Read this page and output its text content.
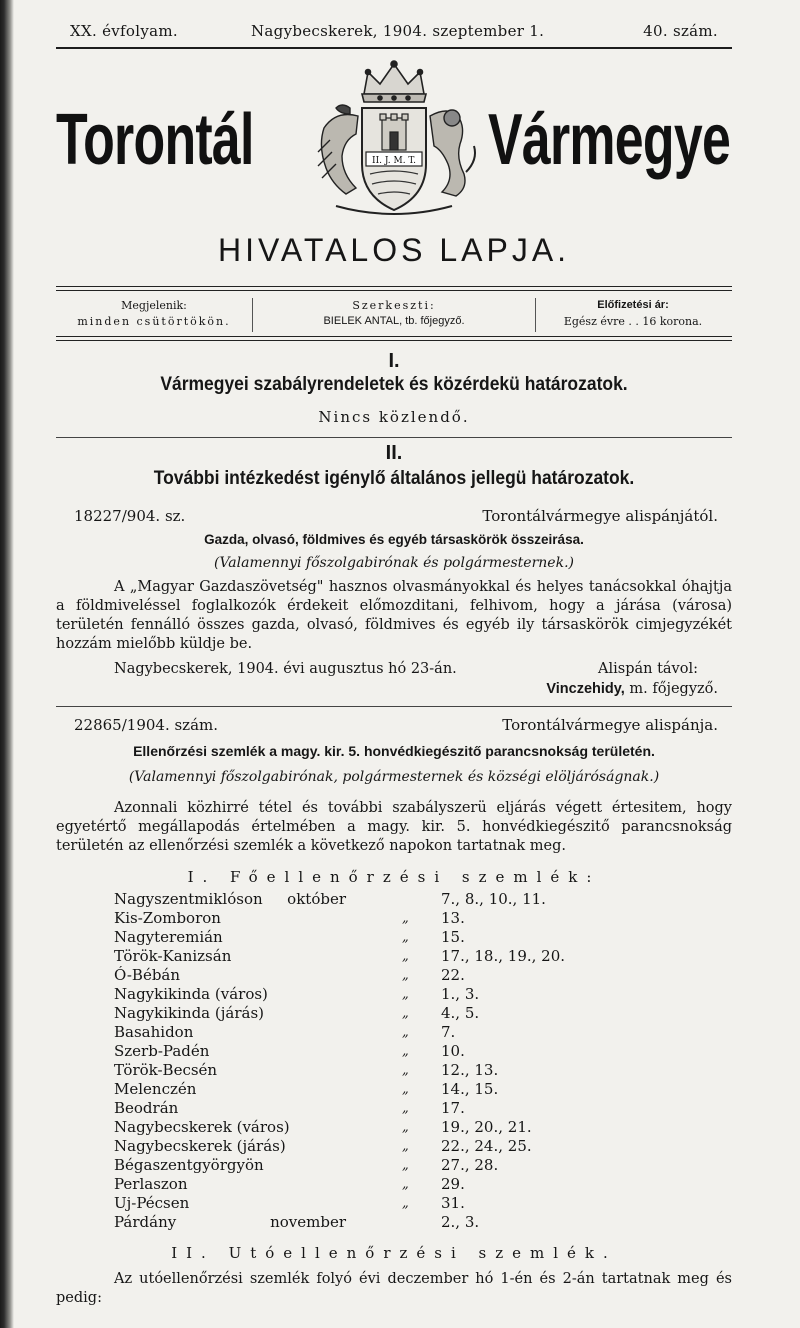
XX. évfolyam.	Nagybecskerek, 1904. szeptember 1.	40. szám.
Torontál	II. J. M. T. Vármegye
HIVATALOS LAPJA.
Megjelenik:
minden csütörtökön.
Szerkeszti:
BIELEK ANTAL, tb. főjegyző.
Előfizetési ár:
Egész évre . . 16 korona.
I.
Vármegyei szabályrendeletek és közérdekü határozatok.
Nincs közlendő.
II.
További intézkedést igénylő általános jellegü határozatok.
18227/904. sz.	Torontálvármegye alispánjától.
Gazda, olvasó, földmives és egyéb társaskörök összeirása.
(Valamennyi főszolgabirónak és polgármesternek.)
A „Magyar Gazdaszövetség" hasznos olvasmányokkal és helyes tanácsokkal óhajtja a földmiveléssel foglalkozók érdekeit előmozditani, felhivom, hogy a járása (városa) területén fennálló összes gazda, olvasó, földmives és egyéb ily társaskörök cimjegyzékét hozzám mielőbb küldje be.
Nagybecskerek, 1904. évi augusztus hó 23-án.	Alispán távol:
Vinczehidy, m. főjegyző.
22865/1904. szám.	Torontálvármegye alispánja.
Ellenőrzési szemlék a magy. kir. 5. honvédkiegészitő parancsnokság területén.
(Valamennyi főszolgabirónak, polgármesternek és községi elöljáróságnak.)
Azonnali közhirré tétel és további szabályszerü eljárás végett értesitem, hogy egyetértő megállapodás értelmében a magy. kir. 5. honvédkiegészitő parancsnokság területén az ellenőrzési szemlék a következő napokon tartatnak meg.
I. Főellenőrzési szemlék:
Nagyszentmiklóson október	7., 8., 10., 11.
Kis-Zomboron	„ 13.
Nagyteremián	„ 15.
Török-Kanizsán	„ 17., 18., 19., 20.
Ó-Bébán	„ 22.
Nagykikinda (város)	„ 1., 3.
Nagykikinda (járás)	„ 4., 5.
Basahidon	„ 7.
Szerb-Padén	„ 10.
Török-Becsén	„ 12., 13.
Melenczén	„ 14., 15.
Beodrán	„ 17.
Nagybecskerek (város)	„ 19., 20., 21.
Nagybecskerek (járás)	„ 22., 24., 25.
Bégaszentgyörgyön	„ 27., 28.
Perlaszon	„ 29.
Uj-Pécsen	„ 31.
Párdány	november	2., 3.
II. Utóellenőrzési szemlék.
Az utóellenőrzési szemlék folyó évi deczember hó 1-én és 2-án tartatnak meg és pedig:
